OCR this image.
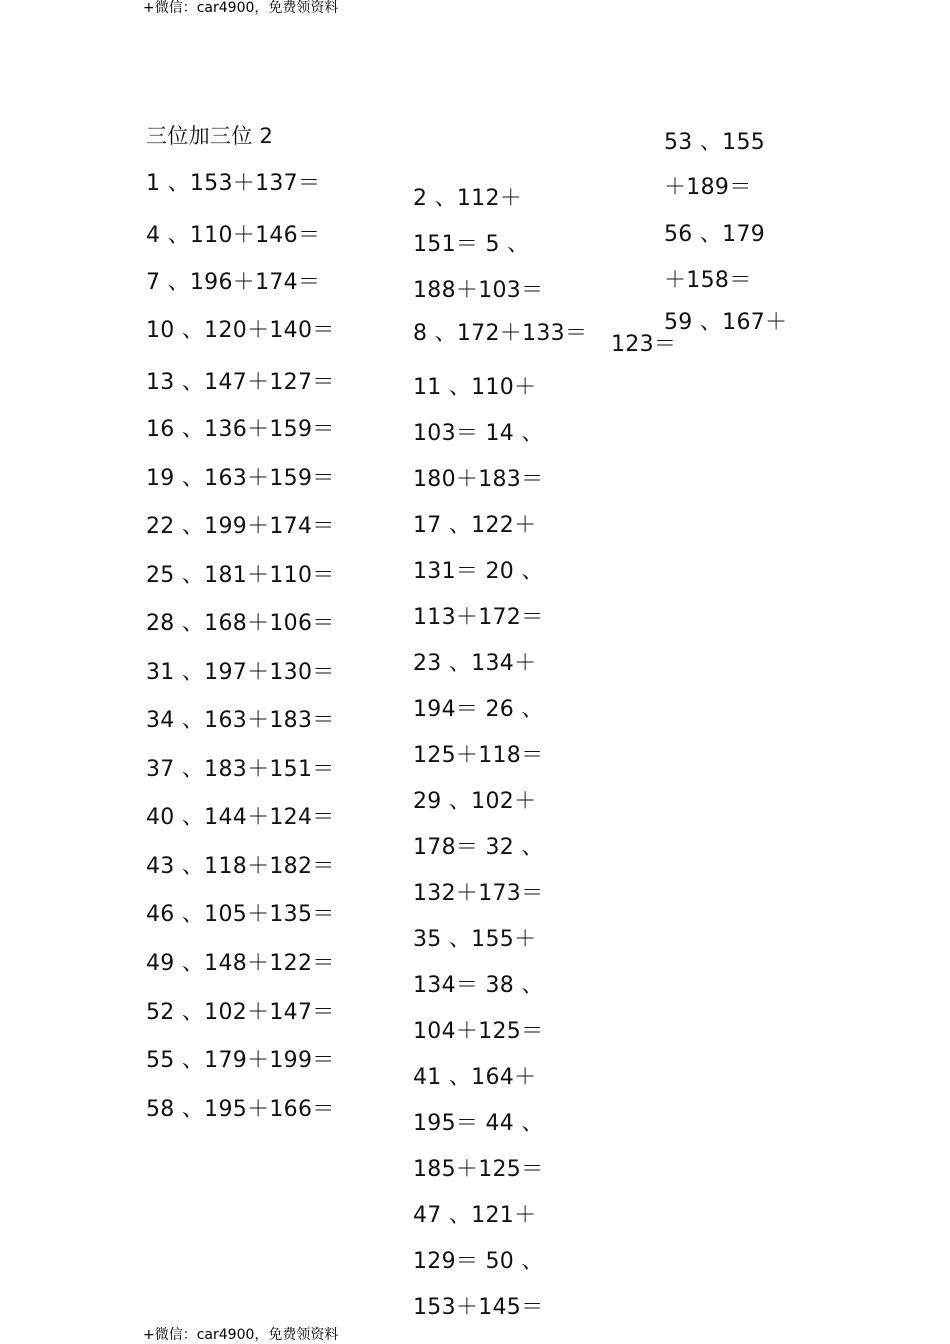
+微信：car4900，免费领资料
三位加三位 2
1 、153＋137＝
4 、110＋146＝
7 、196＋174＝
10 、120＋140＝
13 、147＋127＝
16 、136＋159＝
19 、163＋159＝
22 、199＋174＝
25 、181＋110＝
28 、168＋106＝
31 、197＋130＝
34 、163＋183＝
37 、183＋151＝
40 、144＋124＝
43 、118＋182＝
46 、105＋135＝
49 、148＋122＝
52 、102＋147＝
55 、179＋199＝
58 、195＋166＝
2 、112＋
151＝ 5 、
188＋103＝
8 、172＋133＝
11 、110＋
103＝ 14 、
180＋183＝
17 、122＋
131＝ 20 、
113＋172＝
23 、134＋
194＝ 26 、
125＋118＝
29 、102＋
178＝ 32 、
132＋173＝
35 、155＋
134＝ 38 、
104＋125＝
41 、164＋
195＝ 44 、
185＋125＝
47 、121＋
129＝ 50 、
153＋145＝
53 、155
＋189＝
56 、179
＋158＝
59 、167＋
123＝
+微信：car4900，免费领资料
